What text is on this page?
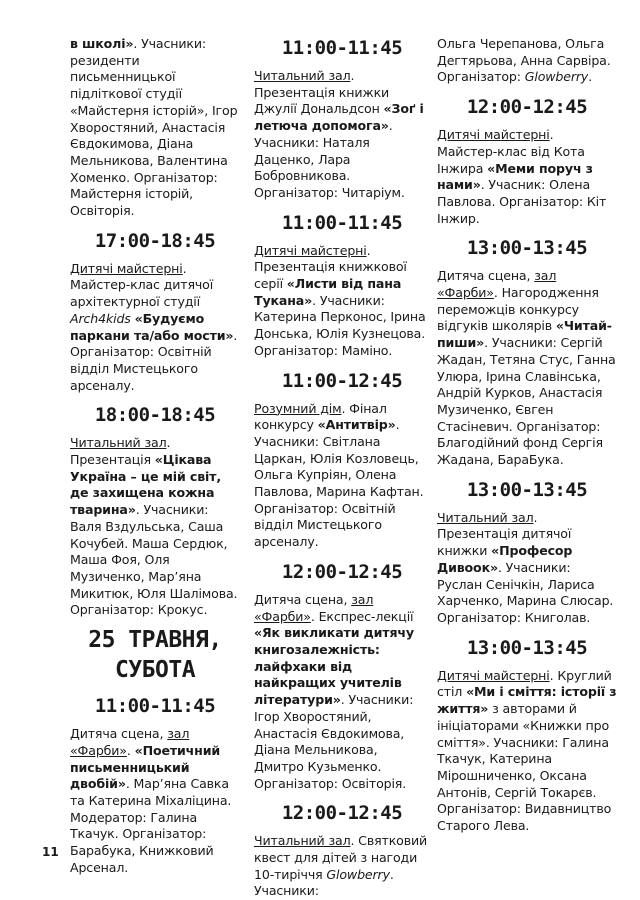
в школі». Учасники: резиденти письменницької підліткової студії «Майстерня історій», Ігор Хворостяний, Анастасія Євдокимова, Діана Мельникова, Валентина Хоменко. Організатор: Майстерня історій, Освіторія.

17:00-18:45

Дитячі майстерні. Майстер-клас дитячої архітектурної студії Arch4kids «Будуємо паркани та/або мости». Організатор: Освітній відділ Мистецького арсеналу.

18:00-18:45

Читальний зал. Презентація «Цікава Україна – це мій світ, де захищена кожна тварина». Учасники: Валя Вздульська, Саша Кочубей. Маша Сердюк, Маша Фоя, Оля Музиченко, Мар’яна Микитюк, Юля Шалімова. Організатор: Крокус.

25 ТРАВНЯ, СУБОТА
11:00-11:45

Дитяча сцена, зал «Фарби». «Поетичний письменницький двобій». Мар’яна Савка та Катерина Міхаліцина. Модератор: Галина Ткачук. Організатор: Барабука, Книжковий Арсенал.

11:00-11:45

Читальний зал. Презентація книжки Джулії Дональдсон «Зоґ і летюча допомога». Учасники: Наталя Даценко, Лара Бобровникова. Організатор: Читаріум.

11:00-11:45

Дитячі майстерні. Презентація книжкової серії «Листи від пана Тукана». Учасники: Катерина Перконос, Ірина Донська, Юлія Кузнецова. Організатор: Маміно.

11:00-12:45

Розумний дім. Фінал конкурсу «Антитвір». Учасники: Світлана Царкан, Юлія Козловець, Ольга Купріян, Олена Павлова, Марина Кафтан. Організатор: Освітній відділ Мистецького арсеналу.

12:00-12:45

Дитяча сцена, зал «Фарби». Експрес-лекції «Як викликати дитячу книгозалежність: лайфхаки від найкращих учителів літератури». Учасники: Ігор Хворостяний, Анастасія Євдокимова, Діана Мельникова, Дмитро Кузьменко. Організатор: Освіторія.

12:00-12:45

Читальний зал. Святковий квест для дітей з нагоди 10-тиріччя Glowberry. Учасники:

Ольга Черепанова, Ольга Дегтярьова, Анна Сарвіра. Організатор: Glowberry.

12:00-12:45

Дитячі майстерні. Майстер-клас від Кота Інжира «Меми поруч з нами». Учасник: Олена Павлова. Організатор: Кіт Інжир.

13:00-13:45

Дитяча сцена, зал «Фарби». Нагородження переможців конкурсу відгуків школярів «Читай-пиши». Учасники: Сергій Жадан, Тетяна Стус, Ганна Улюра, Ірина Славінська, Андрій Курков, Анастасія Музиченко, Євген Стасіневич. Організатор: Благодійний фонд Сергія Жадана, БараБука.

13:00-13:45

Читальний зал. Презентація дитячої книжки «Професор Дивоок». Учасники: Руслан Сенічкін, Лариса Харченко, Марина Слюсар. Організатор: Книголав.

13:00-13:45

Дитячі майстерні. Круглий стіл «Ми і сміття: історії з життя» з авторами й ініціаторами «Книжки про сміття». Учасники: Галина Ткачук, Катерина Мірошниченко, Оксана Антонів, Сергій Токарєв. Організатор: Видавництво Старого Лева.

11
